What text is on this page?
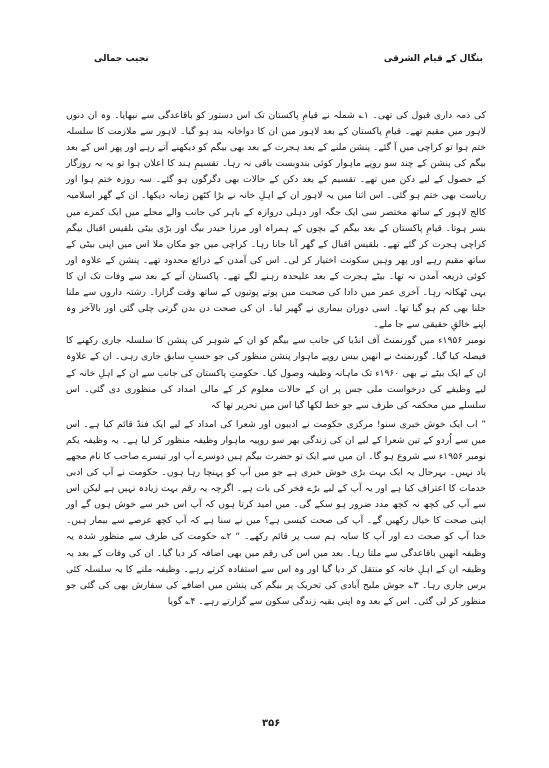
بنگال کے قیام الشرقی
نجیب جمالی

کی ذمہ داری قبول کی تھی۔ ۱؎ شملہ نے قیامِ پاکستان تک اس دستور کو باقاعدگی سے نبھایا۔ وہ ان دنوں لاہور میں مقیم تھے۔ قیامِ پاکستان کے بعد لاہور میں ان کا دواخانہ بند ہو گیا۔ لاہور سے ملازمت کا سلسلہ ختم ہوا تو کراچی میں آ گئے۔ پنشن ملنے کے بعد ہجرت کے بعد بھی بیگم کو دیکھنے آتے رہے اور پھر اس کے بعد بیگم کی پنشن کے چند سو روپے ماہوار کوئی بندوبست باقی نہ رہا۔ تقسیمِ ہند کا اعلان ہوا تو یہ بہ روزگار کے حصول کے لیے دکن میں تھے۔ تقسیم کے بعد دکن کے حالات بھی دگرگوں ہو گئے۔ سہ روزہ ختم ہوا اور ریاست بھی ختم ہو گئی۔ اس اثنا میں یہ لاہور ان کے اہلِ خانہ نے بڑا کٹھن زمانہ دیکھا۔ ان کے گھر اسلامیہ کالج لاہور کے ساتھ مختصر سی ایک جگہ اور دہلی دروازہ کے باہر کی جانب والے محلے میں ایک کمرے میں بسر ہوتا۔ قیامِ پاکستان کے بعد بیگم کے بچوں کے ہمراہ اور مرزا حیدر بیگ اور بڑی بیٹی بلقیس اقبال بیگم کراچی ہجرت کر گئے تھے۔ بلقیس اقبال کے گھر آنا جانا رہا۔ کراچی میں جو مکان ملا اس میں اپنی بیٹی کے ساتھ مقیم رہے اور پھر وہیں سکونت اختیار کر لی۔ اس کی آمدن کے ذرائع محدود تھے۔ پنشن کے علاوہ اور کوئی ذریعہ آمدن نہ تھا۔ بیٹے ہجرت کے بعد علیحدہ رہنے لگے تھے۔ پاکستان آنے کے بعد سے وفات تک ان کا یہی ٹھکانہ رہا۔ آخری عمر میں دادا کی صحبت میں پوتے پوتیوں کے ساتھ وقت گزارا۔ رشتہ داروں سے ملنا جلنا بھی کم ہو گیا تھا۔ اسی دوران بیماری نے گھیر لیا۔ ان کی صحت دن بدن گرتی چلی گئی اور بالآخر وہ اپنے خالقِ حقیقی سے جا ملے۔

نومبر ۱۹۵۶ء میں گورنمنٹ آف انڈیا کی جانب سے بیگم کو ان کے شوہر کی پنشن کا سلسلہ جاری رکھنے کا فیصلہ کیا گیا۔ گورنمنٹ نے انھیں بیس روپے ماہوار پنشن منظور کی جو حسبِ سابق جاری رہی۔ ان کے علاوہ ان کے ایک بیٹے نے بھی ۱۹۶۰ء تک ماہانہ وظیفہ وصول کیا۔ حکومتِ پاکستان کی جانب سے ان کے اہلِ خانہ کے لیے وظیفے کی درخواست ملی جس پر ان کے حالات معلوم کر کے مالی امداد کی منظوری دی گئی۔ اس سلسلے میں محکمہ کی طرف سے جو خط لکھا گیا اس میں تحریر تھا کہ

” اب ایک خوش خبری سنو! مرکزی حکومت نے ادیبوں اور شعرا کی امداد کے لیے ایک فنڈ قائم کیا ہے۔ اس میں سے اُردو کے تین شعرا کے لیے ان کی زندگی بھر سو روپیہ ماہوار وظیفہ منظور کر لیا ہے۔ یہ وظیفہ یکم نومبر ۱۹۵۶ء سے شروع ہو گا۔ ان میں سے ایک تو حضرت بیگم ہیں دوسرے آپ اور تیسرے صاحب کا نام مجھے یاد نہیں۔ بہرحال یہ ایک بہت بڑی خوش خبری ہے جو میں آپ کو پہنچا رہا ہوں۔ حکومت نے آپ کی ادبی خدمات کا اعتراف کیا ہے اور یہ آپ کے لیے بڑے فخر کی بات ہے۔ اگرچہ یہ رقم بہت زیادہ نہیں ہے لیکن اس سے آپ کی کچھ نہ کچھ مدد ضرور ہو سکے گی۔ میں امید کرتا ہوں کہ آپ اس خبر سے خوش ہوں گے اور اپنی صحت کا خیال رکھیں گے۔ آپ کی صحت کیسی ہے؟ میں نے سنا ہے کہ آپ کچھ عرصے سے بیمار ہیں۔ خدا آپ کو صحت دے اور آپ کا سایہ ہم سب پر قائم رکھے۔ “ ۲؎ حکومت کی طرف سے منظور شدہ یہ وظیفہ انھیں باقاعدگی سے ملتا رہا۔ بعد میں اس کی رقم میں بھی اضافہ کر دیا گیا۔ ان کی وفات کے بعد یہ وظیفہ ان کے اہلِ خانہ کو منتقل کر دیا گیا اور وہ اس سے استفادہ کرتے رہے۔ وظیفہ ملنے کا یہ سلسلہ کئی برس جاری رہا۔ ۳؎ جوش ملیح آبادی کی تحریک پر بیگم کی پنشن میں اضافے کی سفارش بھی کی گئی جو منظور کر لی گئی۔ اس کے بعد وہ اپنی بقیہ زندگی سکون سے گزارتے رہے۔ ۴؎ گویا

۳۵۶
